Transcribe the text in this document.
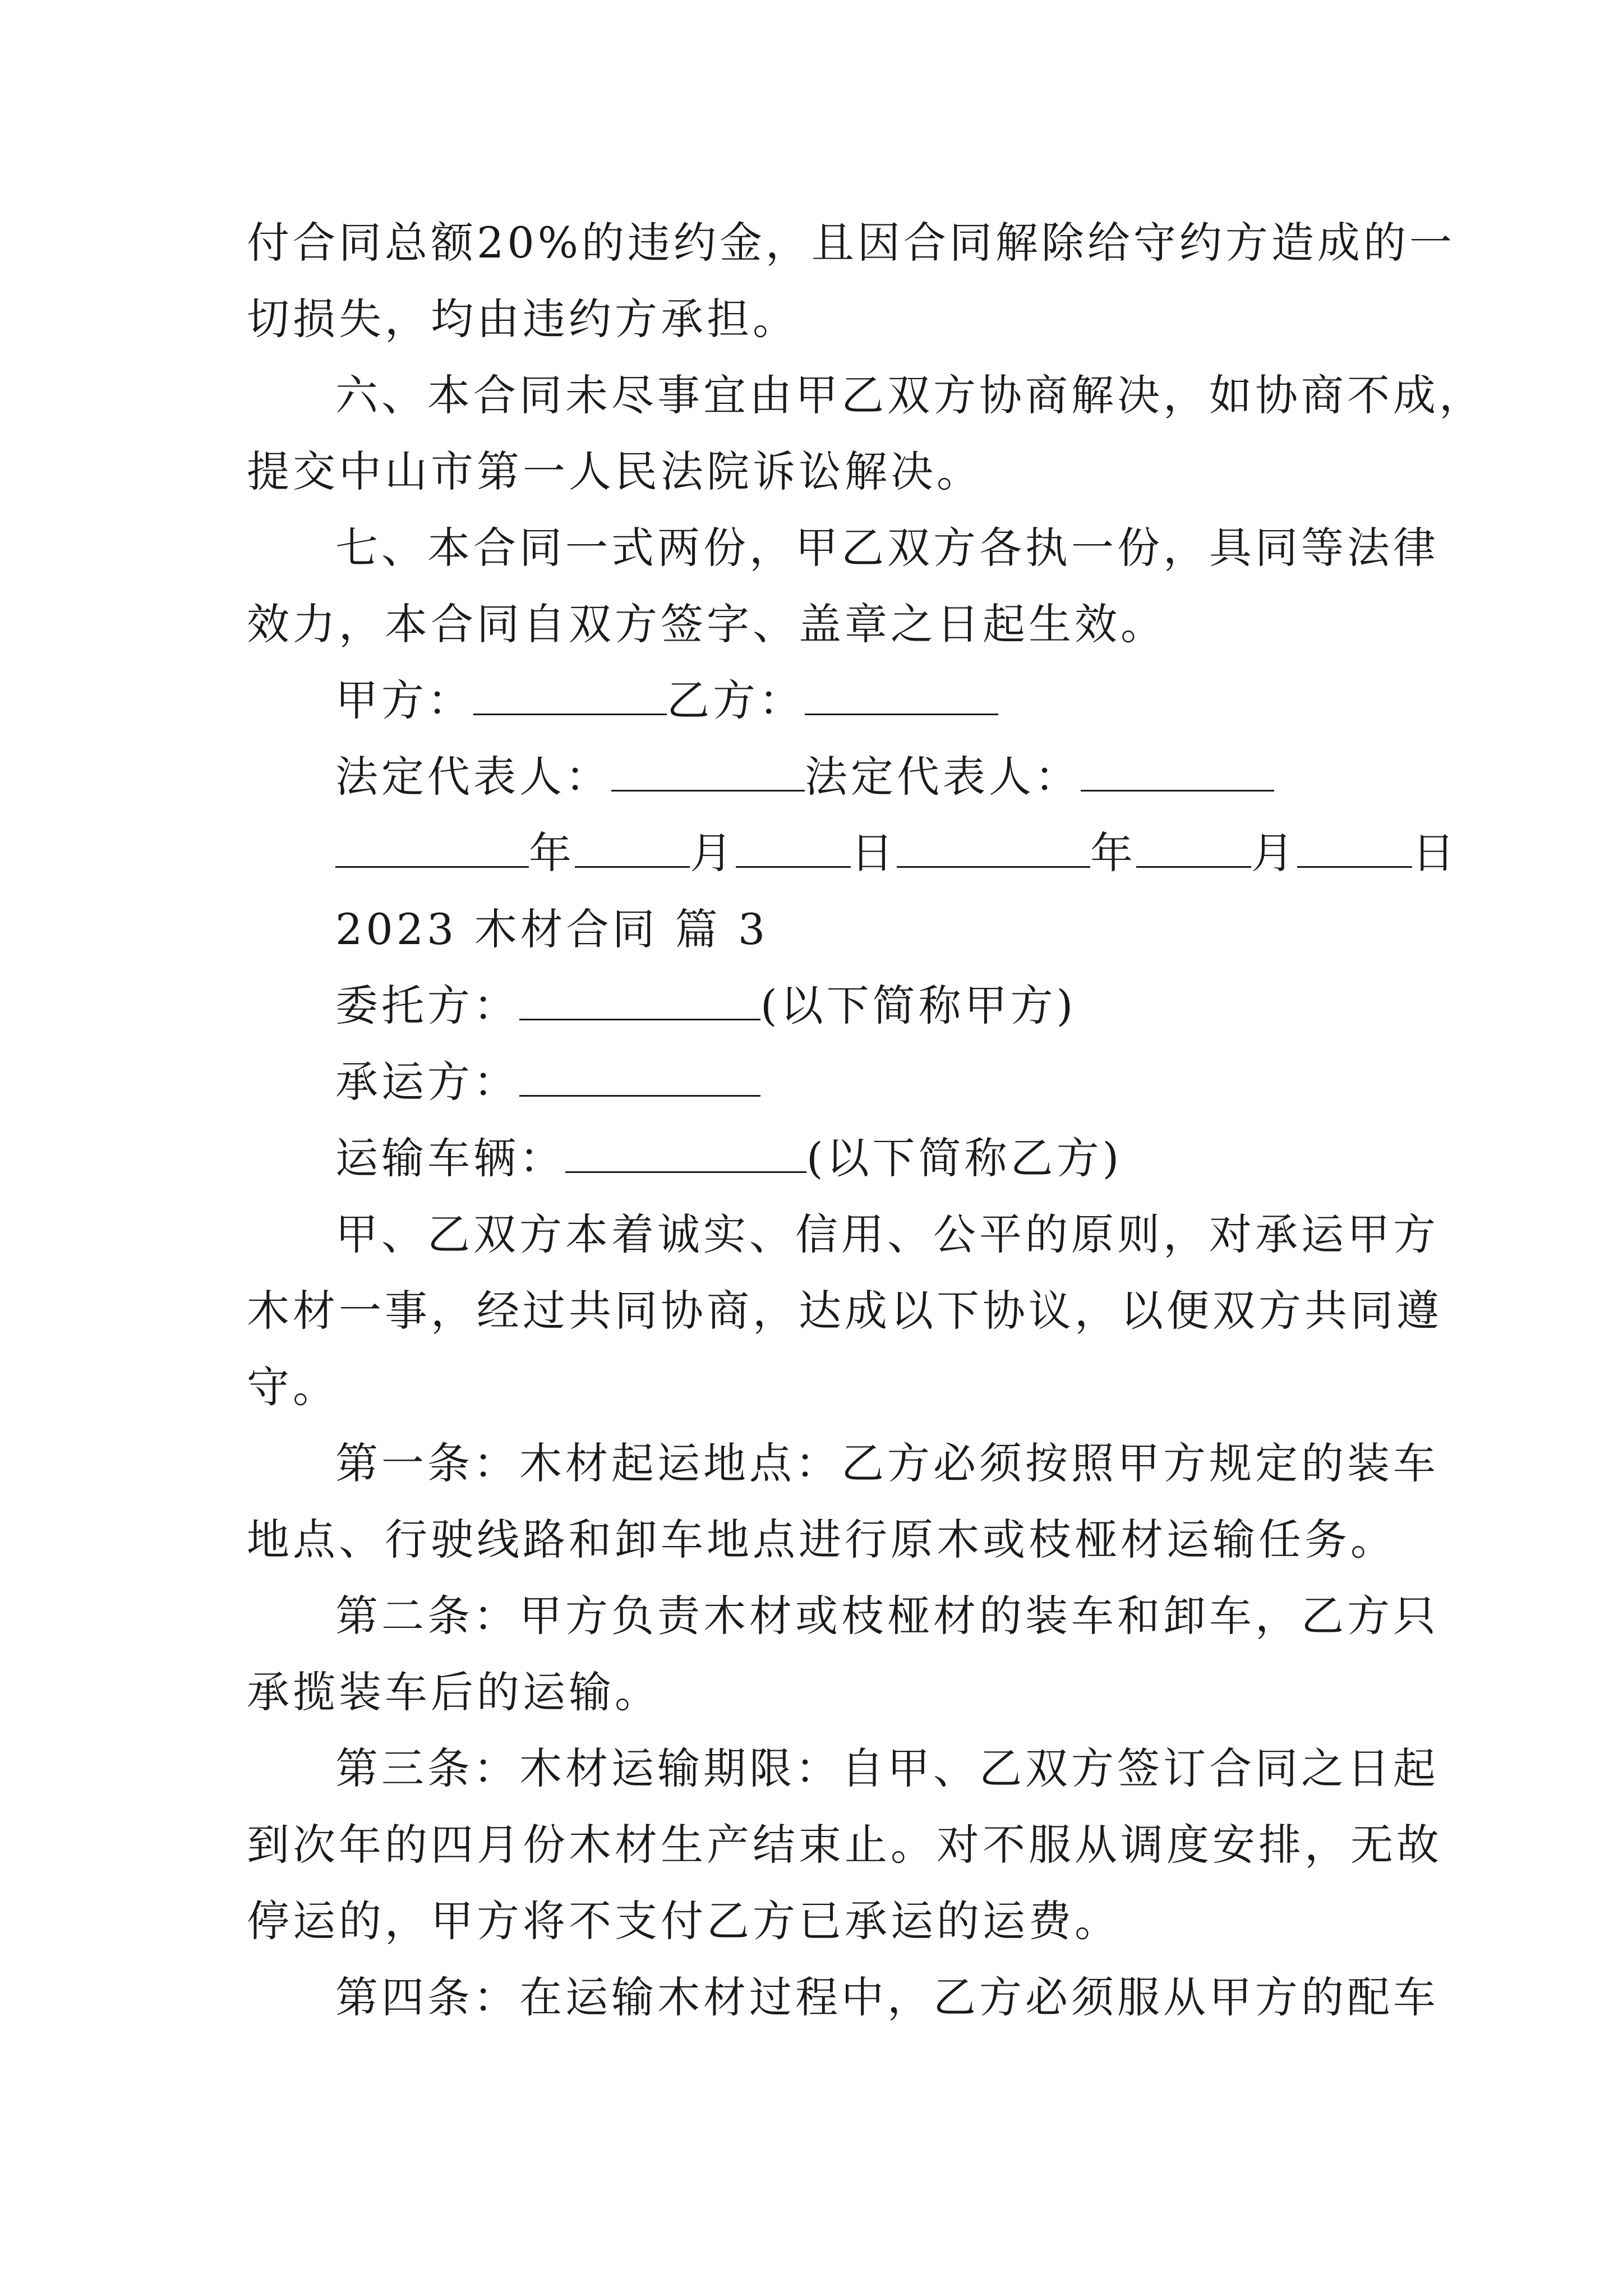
付合同总额20%的违约金，且因合同解除给守约方造成的一
切损失，均由违约方承担。
六、本合同未尽事宜由甲乙双方协商解决，如协商不成，
提交中山市第一人民法院诉讼解决。
七、本合同一式两份，甲乙双方各执一份，具同等法律
效力，本合同自双方签字、盖章之日起生效。
甲方：	乙方：
法定代表人：	法定代表人：
年	月	日	年	月	日
2023 木材合同 篇 3
委托方：	(以下简称甲方)
承运方：
运输车辆：	(以下简称乙方)
甲、乙双方本着诚实、信用、公平的原则，对承运甲方
木材一事，经过共同协商，达成以下协议，以便双方共同遵
守。
第一条：木材起运地点：乙方必须按照甲方规定的装车
地点、行驶线路和卸车地点进行原木或枝桠材运输任务。
第二条：甲方负责木材或枝桠材的装车和卸车，乙方只
承揽装车后的运输。
第三条：木材运输期限：自甲、乙双方签订合同之日起
到次年的四月份木材生产结束止。对不服从调度安排，无故
停运的，甲方将不支付乙方已承运的运费。
第四条：在运输木材过程中，乙方必须服从甲方的配车
